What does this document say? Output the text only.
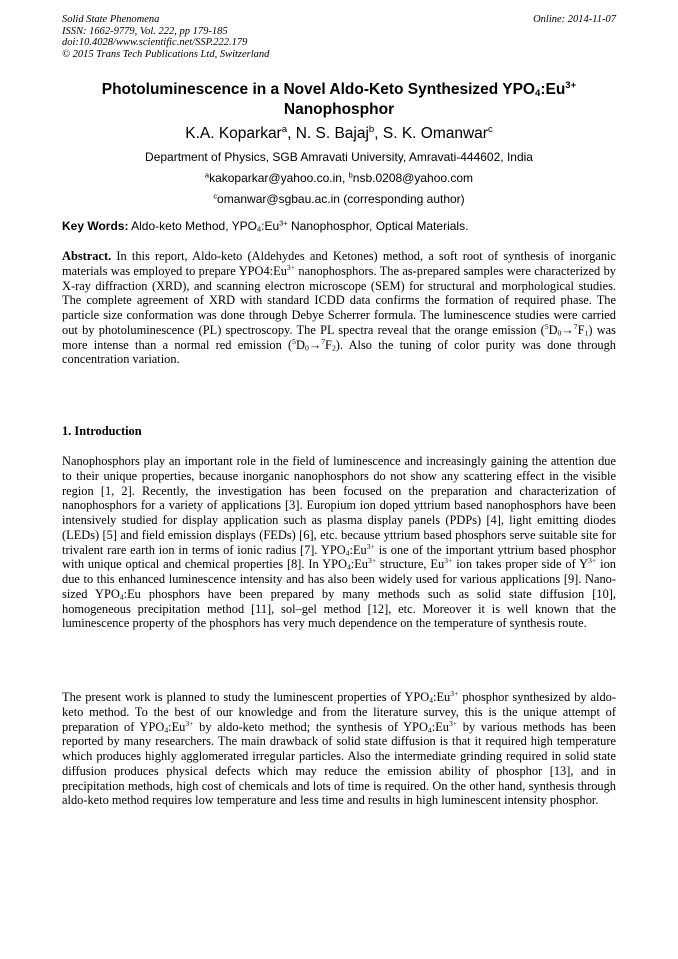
Solid State Phenomena
ISSN: 1662-9779, Vol. 222, pp 179-185
doi:10.4028/www.scientific.net/SSP.222.179
© 2015 Trans Tech Publications Ltd, Switzerland
Online: 2014-11-07
Photoluminescence in a Novel Aldo-Keto Synthesized $YPO_4:Eu^{3+}$
Nanophosphor
K.A. Koparkar$^a$, N. S. Bajaj$^b$, S. K. Omanwar$^c$
Department of Physics, SGB Amravati University, Amravati-444602, India
$^a$kakoparkar@yahoo.co.in, $^b$nsb.0208@yahoo.com
$^c$omanwar@sgbau.ac.in (corresponding author)
Key Words: Aldo-keto Method, $YPO_4:Eu^{3+}$ Nanophosphor, Optical Materials.

Abstract. In this report, Aldo-keto (Aldehydes and Ketones) method, a soft root of synthesis of inorganic materials was employed to prepare $YPO4:Eu^{3+}$ nanophosphors. The as-prepared samples were characterized by X-ray diffraction (XRD), and scanning electron microscope (SEM) for structural and morphological studies. The complete agreement of XRD with standard ICDD data confirms the formation of required phase. The particle size conformation was done through Debye Scherrer formula. The luminescence studies were carried out by photoluminescence (PL) spectroscopy. The PL spectra reveal that the orange emission $(^5D_0\to^7F_1)$ was more intense than a normal red emission $(^5D_0\to^7F_2)$. Also the tuning of color purity was done through concentration variation.

1. Introduction

Nanophosphors play an important role in the field of luminescence and increasingly gaining the attention due to their unique properties, because inorganic nanophosphors do not show any scattering effect in the visible region [1, 2]. Recently, the investigation has been focused on the preparation and characterization of nanophosphors for a variety of applications [3]. Europium ion doped yttrium based nanophosphors have been intensively studied for display application such as plasma display panels (PDPs) [4], light emitting diodes (LEDs) [5] and field emission displays (FEDs) [6], etc. because yttrium based phosphors serve suitable site for trivalent rare earth ion in terms of ionic radius [7]. $YPO_4:Eu^{3+}$ is one of the important yttrium based phosphor with unique optical and chemical properties [8]. In $YPO_4:Eu^{3+}$ structure, $Eu^{3+}$ ion takes proper side of $Y^{3+}$ ion due to this enhanced luminescence intensity and has also been widely used for various applications [9]. Nano-sized $YPO_4:Eu$ phosphors have been prepared by many methods such as solid state diffusion [10], homogeneous precipitation method [11], sol–gel method [12], etc. Moreover it is well known that the luminescence property of the phosphors has very much dependence on the temperature of synthesis route.

The present work is planned to study the luminescent properties of $YPO_4:Eu^{3+}$ phosphor synthesized by aldo-keto method. To the best of our knowledge and from the literature survey, this is the unique attempt of preparation of $YPO_4:Eu^{3+}$ by aldo-keto method; the synthesis of $YPO_4:Eu^{3+}$ by various methods has been reported by many researchers. The main drawback of solid state diffusion is that it required high temperature which produces highly agglomerated irregular particles. Also the intermediate grinding required in solid state diffusion produces physical defects which may reduce the emission ability of phosphor [13], and in precipitation methods, high cost of chemicals and lots of time is required. On the other hand, synthesis through aldo-keto method requires low temperature and less time and results in high luminescent intensity phosphor.
